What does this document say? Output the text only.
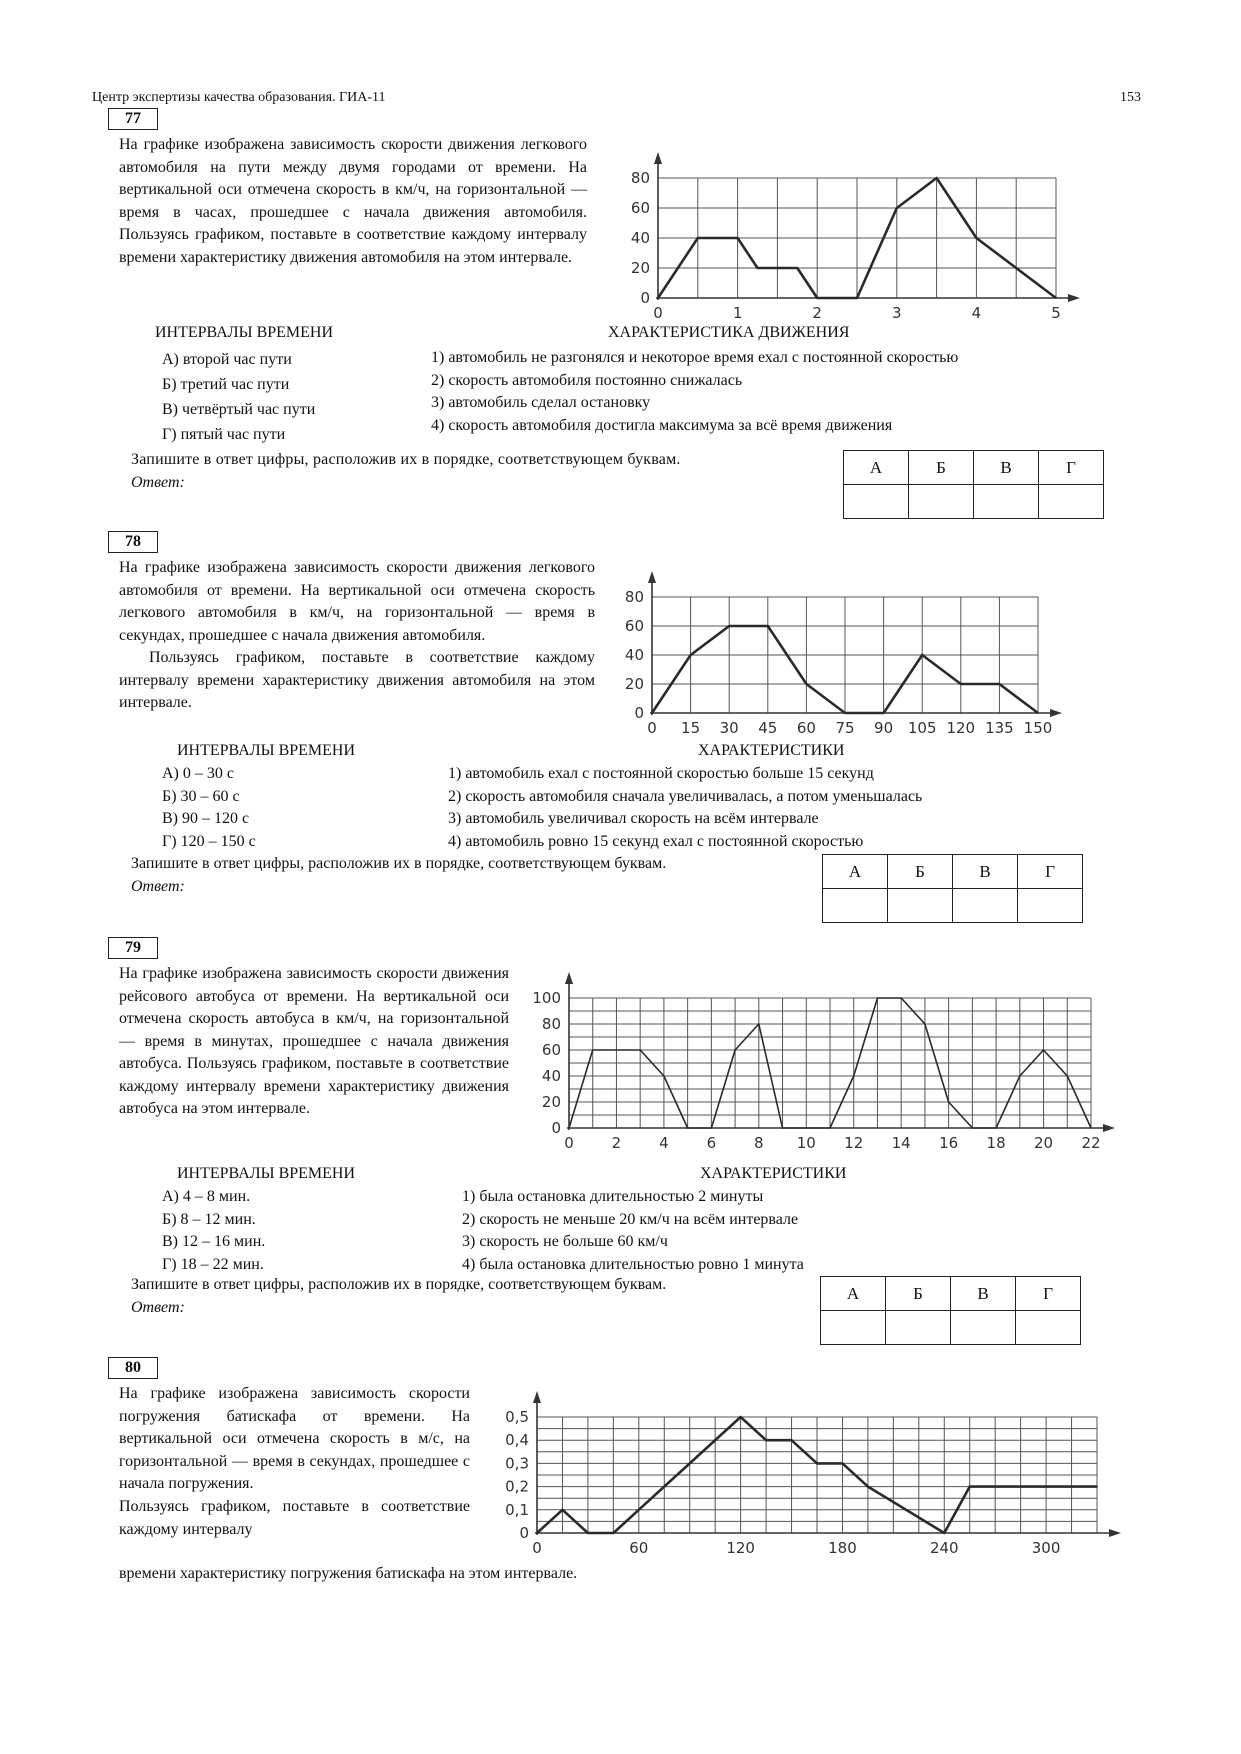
Центр экспертизы качества образования. ГИА-11	153
77

На графике изображена зависимость скорости движения легкового автомобиля на пути между двумя городами от времени. На вертикальной оси отмечена скорость в км/ч, на горизонтальной — время в часах, прошедшее с начала движения автомобиля. Пользуясь графиком, поставьте в соответствие каждому интервалу времени характеристику движения автомобиля на этом интервале.

0	1	2	3	4	5
0
20
40
60
80
ИНТЕРВАЛЫ ВРЕМЕНИ	ХАРАКТЕРИСТИКА ДВИЖЕНИЯ
А) второй час пути
Б) третий час пути
В) четвёртый час пути
Г) пятый час пути
1) автомобиль не разгонялся и некоторое время ехал с постоянной скоростью
2) скорость автомобиля постоянно снижалась
3) автомобиль сделал остановку
4) скорость автомобиля достигла максимума за всё время движения
Запишите в ответ цифры, расположив их в порядке, соответствующем буквам.
Ответ:
А	Б	В	Г

78

На графике изображена зависимость скорости движения легкового автомобиля от времени. На вертикальной оси отмечена скорость легкового автомобиля в км/ч, на горизонтальной — время в секундах, прошедшее с начала движения автомобиля.

Пользуясь графиком, поставьте в соответствие каждому интервалу времени характеристику движения автомобиля на этом интервале.

0 15 30 45 60 75 90 105 120 135 150
0
20
40
60
80
ИНТЕРВАЛЫ ВРЕМЕНИ	ХАРАКТЕРИСТИКИ
А) 0 – 30 с
Б) 30 – 60 с
В) 90 – 120 с
Г) 120 – 150 с
1) автомобиль ехал с постоянной скоростью больше 15 секунд
2) скорость автомобиля сначала увеличивалась, а потом уменьшалась
3) автомобиль увеличивал скорость на всём интервале
4) автомобиль ровно 15 секунд ехал с постоянной скоростью
Запишите в ответ цифры, расположив их в порядке, соответствующем буквам.
Ответ:
А	Б	В	Г

79

На графике изображена зависимость скорости движения рейсового автобуса от времени. На вертикальной оси отмечена скорость автобуса в км/ч, на горизонтальной — время в минутах, прошедшее с начала движения автобуса. Пользуясь графиком, поставьте в соответствие каждому интервалу времени характеристику движения автобуса на этом интервале.

0	2	4	6	8 10 12 14 16 18 20 22
0
20
40
60
80
100
ИНТЕРВАЛЫ ВРЕМЕНИ	ХАРАКТЕРИСТИКИ
А) 4 – 8 мин.
Б) 8 – 12 мин.
В) 12 – 16 мин.
Г) 18 – 22 мин.
1) была остановка длительностью 2 минуты
2) скорость не меньше 20 км/ч на всём интервале
3) скорость не больше 60 км/ч
4) была остановка длительностью ровно 1 минута
Запишите в ответ цифры, расположив их в порядке, соответствующем буквам.
Ответ:
А	Б	В	Г

80

На графике изображена зависимость скорости погружения батискафа от времени. На вертикальной оси отмечена скорость в м/с, на горизонтальной — время в секундах, прошедшее с начала погружения.

0	60	120	180	240	300
0
0,1
0,2
0,3
0,4
0,5

Пользуясь графиком, поставьте в соответствие каждому интервалу

времени характеристику погружения батискафа на этом интервале.
